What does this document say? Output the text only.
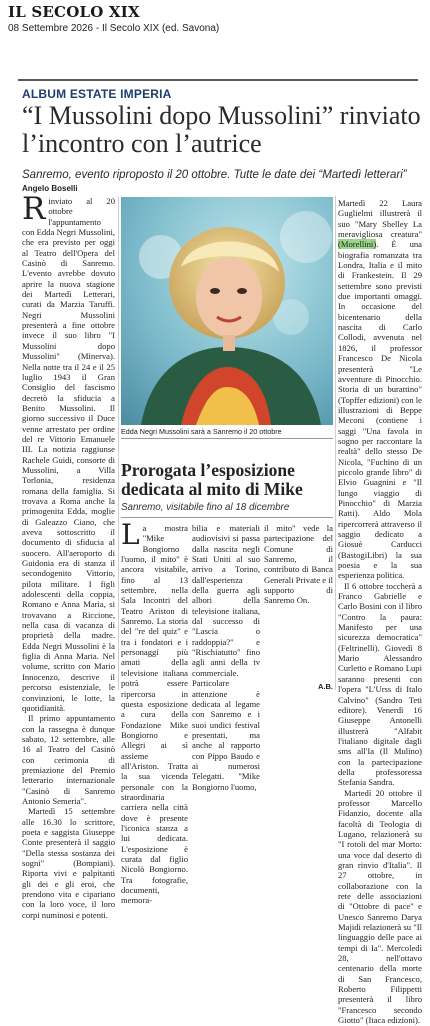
IL SECOLO XIX
08 Settembre 2026 - Il Secolo XIX (ed. Savona)
ALBUM ESTATE IMPERIA
“I Mussolini dopo Mussolini” rinviato l’incontro con l’autrice
Sanremo, evento riproposto il 20 ottobre. Tutte le date dei “Martedì letterari”
Angelo Boselli

Rinviato al 20 ottobre l'appuntamento con Edda Negri Mussolini, che era previsto per oggi al Teatro dell'Opera del Casinò di Sanremo. L'evento avrebbe dovuto aprire la nuova stagione dei Martedì Letterari, curati da Marzia Taruffi. Negri Mussolini presenterà a fine ottobre invece il suo libro "I Mussolini dopo Mussolini" (Minerva). Nella notte tra il 24 e il 25 luglio 1943 il Gran Consiglio del fascismo decretò la sfiducia a Benito Mussolini. Il giorno successivo il Duce venne arrestato per ordine del re Vittorio Emanuele III. La notizia raggiunse Rachele Guidi, consorte di Mussolini, a Villa Torlonia, residenza romana della famiglia. Si trovava a Roma anche la primogenita Edda, moglie di Galeazzo Ciano, che aveva sottoscritto il documento di sfiducia al suocero. All'aeroporto di Guidonia era di stanza il secondogenito Vittorio, pilota militare. I figli adolescenti della coppia, Romano e Anna Maria, si trovavano a Riccione, nella casa di vacanza di proprietà della madre. Edda Negri Mussolini è la figlia di Anna Maria. Nel volume, scritto con Mario Innocenzo, descrive il percorso esistenziale, le convinzioni, le lotte, la quotidianità.

Il primo appuntamento con la rassegna è dunque sabato, 12 settembre, alle 16 al Teatro del Casinò con cerimonia di premiazione del Premio letterario internazionale "Casinò di Sanremo Antonio Semeria".

Martedì 15 settembre alle 16.30 lo scrittore, poeta e saggista Giuseppe Conte presenterà il saggio "Della stessa sostanza dei sogni" (Bompiani). Riporta vivi e palpitanti gli dei e gli eroi, che prendono vita e cipariano con la loro voce, il loro corpi numinosi e potenti.

Edda Negri Mussolini sarà a Sanremo il 20 ottobre
Prorogata l’esposizione dedicata al mito di Mike
Sanremo, visitabile fino al 18 dicembre

La mostra "Mike Bongiorno l'uomo, il mito" è ancora visitabile, fino al 13 settembre, nella Sala Incontri del Teatro Ariston di Sanremo. La storia del "re del quiz" e tra i fondatori e i personaggi più amati della televisione italiana potrà essere ripercorsa in questa esposizione a cura della Fondazione Mike Bongiorno e Allegri ai sì assieme all'Ariston. Tratta la sua vicenda personale con la straordinaria carriera nella città dove è presente l'iconica stanza a lui dedicata. L'esposizione è curata dal figlio Nicolò Bongiorno. Tra fotografie, documenti, memora-

bilia e materiali audiovisivi si passa dalla nascita negli Stati Uniti al suo arrivo a Torino, dall'esperienza della guerra agli albori della televisione italiana, dal successo di "Lascia o raddoppia?" e "Rischiatutto" fino agli anni della tv commerciale. Particolare attenzione è dedicata al legame con Sanremo e i suoi undici festival presentati, ma anche al rapporto con Pippo Baudo e ai numerosi Telegatti. "Mike Bongiorno l'uomo,

il mito" vede la partecipazione del Comune di Sanremo, il contributo di Banca Generali Private e il supporto di Sanremo On.

A.B.

Martedì 22 Laura Guglielmi illustrerà il suo "Mary Shelley La meravigliosa creatura" (Morellini). È una biografia romanzata tra Londra, Italia e il mito di Frankestein. Il 29 settembre sono previsti due importanti omaggi. In occasione del bicentenario della nascita di Carlo Collodi, avvenuta nel 1826, il professor Francesco De Nicola presenterà "Le avventure di Pinocchio. Storia di un burattino" (Topffer edizioni) con le illustrazioni di Beppe Meconi (contiene i saggi "Una favola in sogno per raccontare la realtà" dello stesso De Nicola, "Fuchino di un piccolo grande libro" di Elvio Guagnini e "Il lungo viaggio di Pinocchio" di Marzia Ratti). Aldo Mola ripercorrerà attraverso il saggio dedicato a Giosuè Carducci (BastogiLibri) la sua poesia e la sua esperienza politica.

Il 6 ottobre toccherà a Franco Gabrielle e Carlo Bosini con il libro "Contro la paura: Manifesto per una sicurezza democratica" (Feltrinelli). Giovedì 8 Mario Alessandro Curletto e Romano Lupi saranno presenti con l'opera "L'Urss di Italo Calvino" (Sandro Teti editore). Venerdì 16 Giuseppe Antonelli illustrerà "Alfabit l'italiano digitale dagli sms all'Ia (Il Mulino) con la partecipazione della professoressa Stefania Sandra.

Martedì 20 ottobre il professor Marcello Fidanzio, docente alla facoltà di Teologia di Lugano, relazionerà su "I rotoli del mar Morto: una voce dal deserto di gran rinvio d'Italia". Il 27 ottobre, in collaborazione con la rete delle associazioni di "Ottobre di pace" e Unesco Sanremo Darya Majidi relazionerà su "Il linguaggio delle pace ai tempi di Ia". Mercoledì 28, nell'ottavo centenario della morte di San Francesco, Roberto Filippetti presenterà il libro "Francesco secondo Giotto" (Itaca edizioni).
